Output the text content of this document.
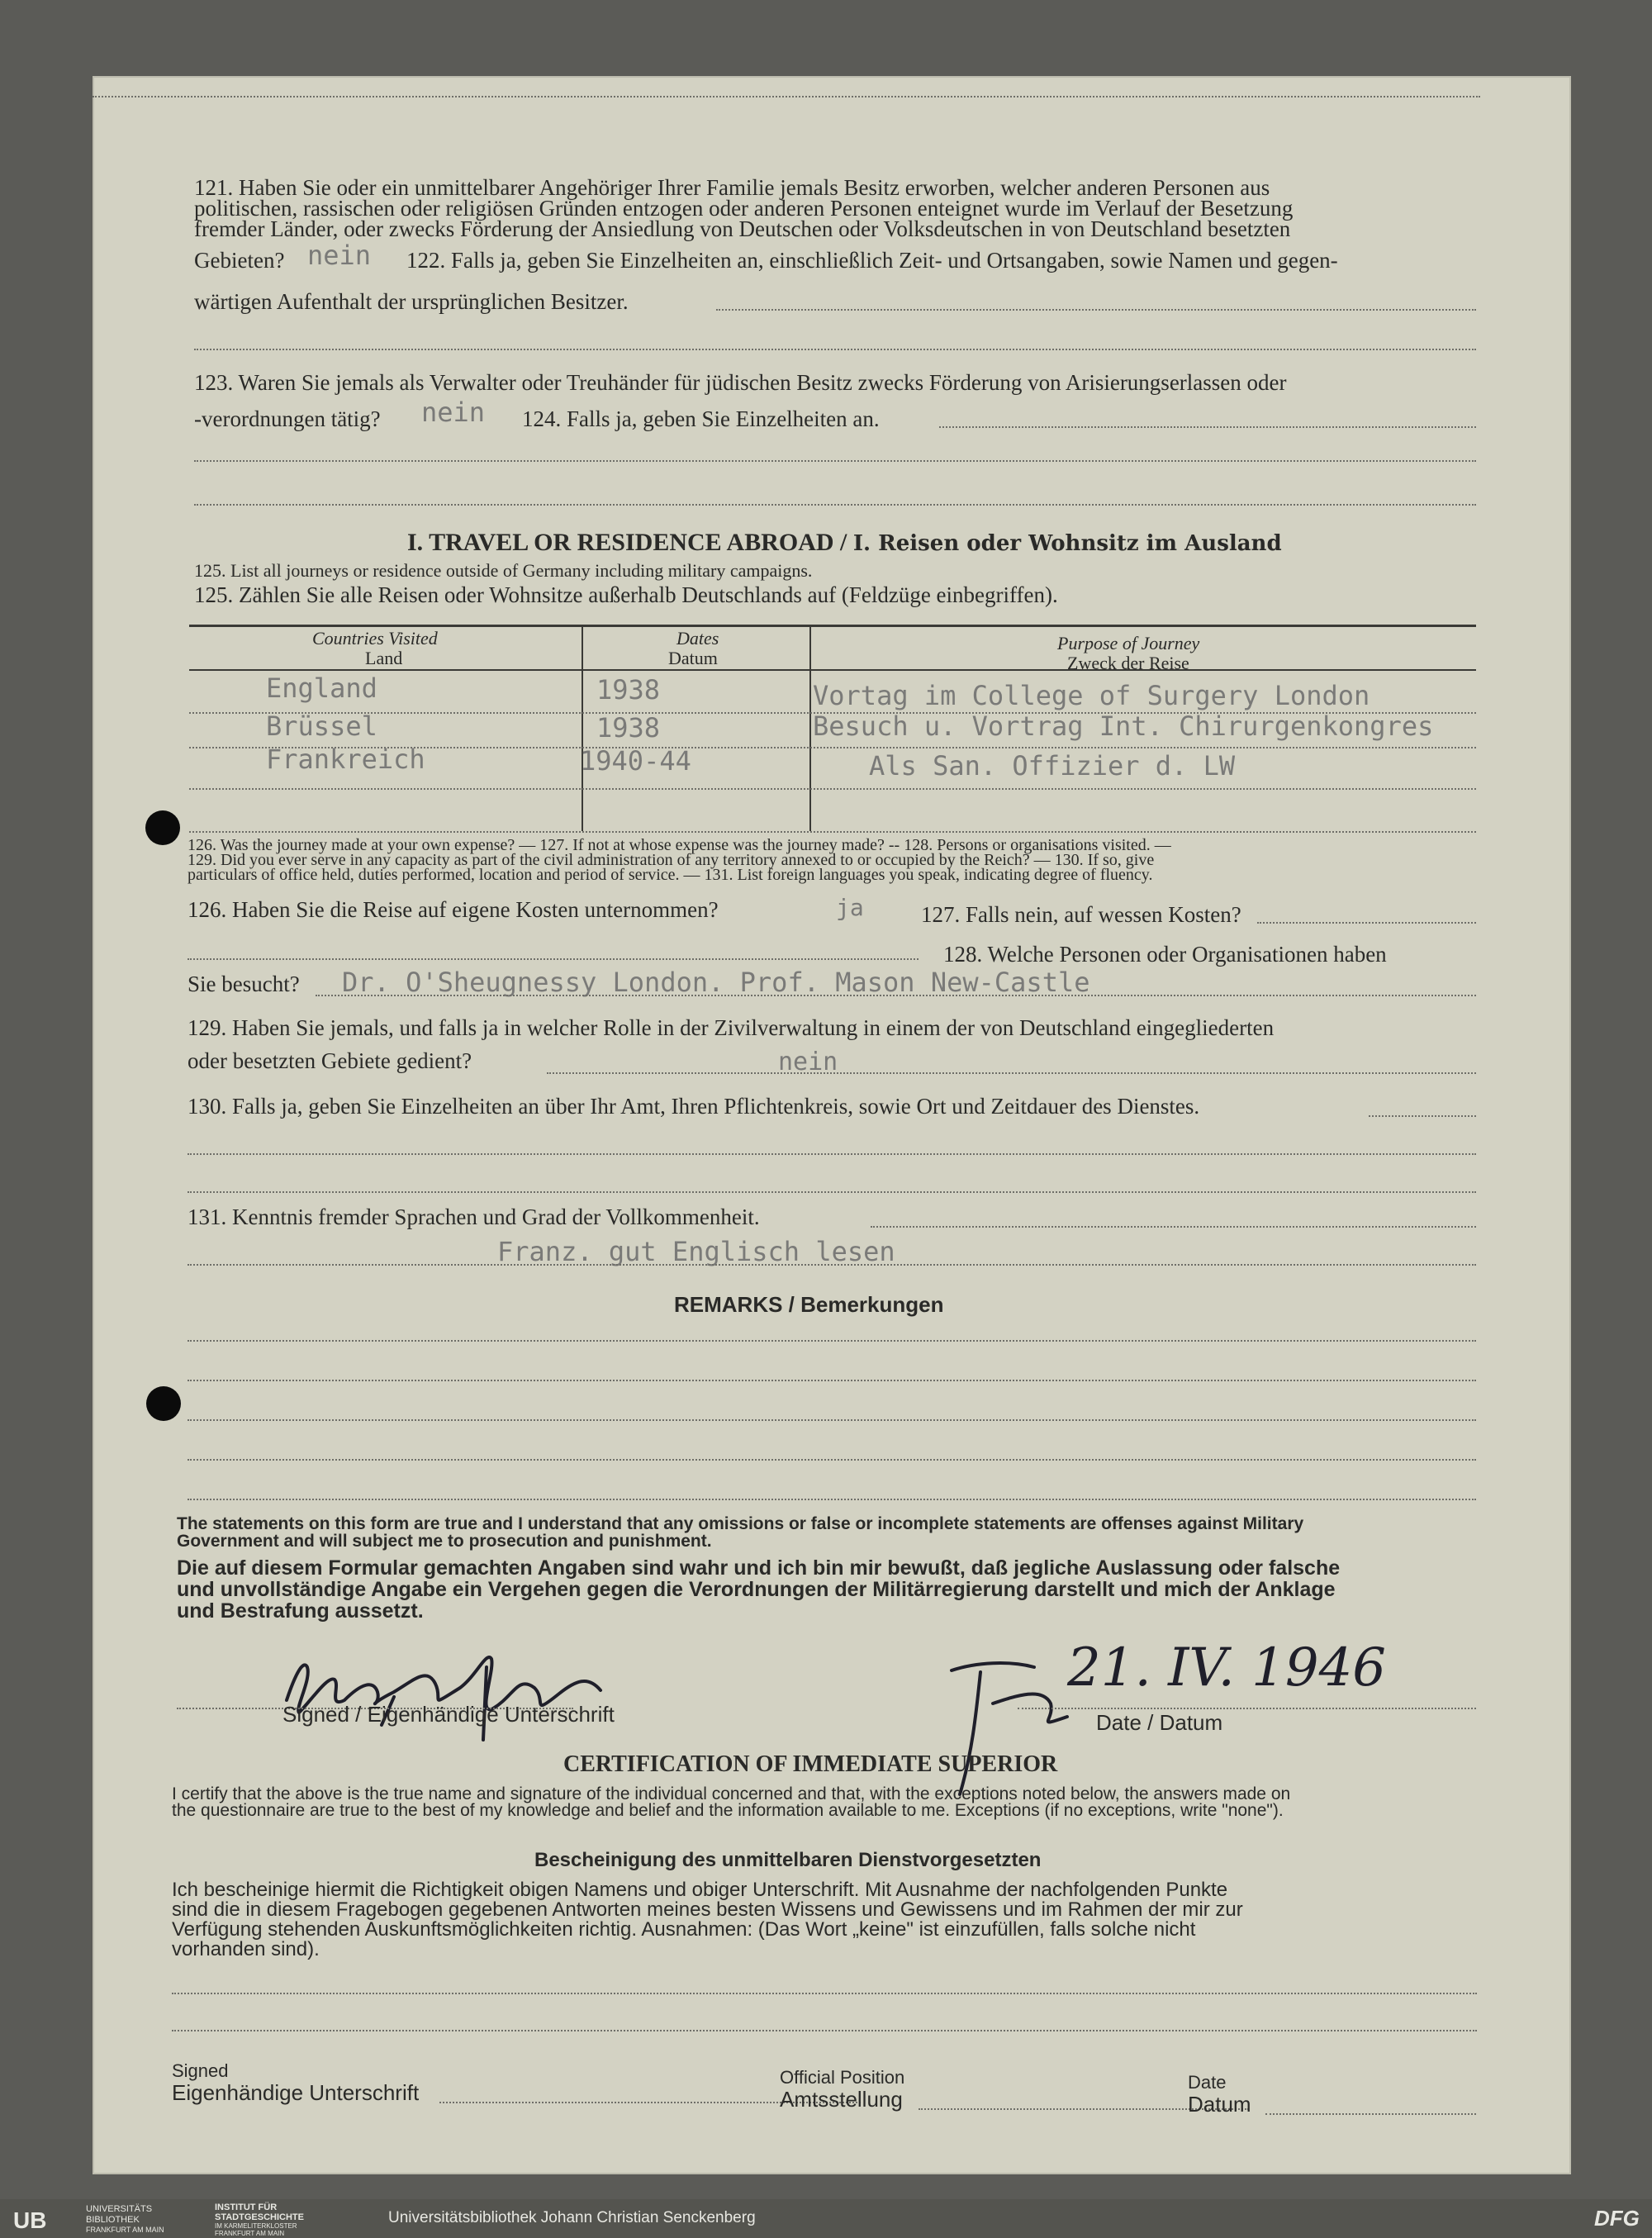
121. Haben Sie oder ein unmittelbarer Angehöriger Ihrer Familie jemals Besitz erworben, welcher anderen Personen aus
politischen, rassischen oder religiösen Gründen entzogen oder anderen Personen enteignet wurde im Verlauf der Besetzung
fremder Länder, oder zwecks Förderung der Ansiedlung von Deutschen oder Volksdeutschen in von Deutschland besetzten
Gebieten? nein 122. Falls ja, geben Sie Einzelheiten an, einschließlich Zeit- und Ortsangaben, sowie Namen und gegen-
wärtigen Aufenthalt der ursprünglichen Besitzer.
123. Waren Sie jemals als Verwalter oder Treuhänder für jüdischen Besitz zwecks Förderung von Arisierungserlassen oder
-verordnungen tätig? nein 124. Falls ja, geben Sie Einzelheiten an.
I. TRAVEL OR RESIDENCE ABROAD / I. Reisen oder Wohnsitz im Ausland
125. List all journeys or residence outside of Germany including military campaigns.
125. Zählen Sie alle Reisen oder Wohnsitze außerhalb Deutschlands auf (Feldzüge einbegriffen).
Countries Visited
Land
Dates
Datum
Purpose of Journey
Zweck der Reise
England	1938	Vortag im College of Surgery London
Brüssel	1938	Besuch u. Vortrag Int. Chirurgenkongres
Frankreich	1940-44	Als San. Offizier d. LW
126. Was the journey made at your own expense? — 127. If not at whose expense was the journey made? -- 128. Persons or organisations visited. —
129. Did you ever serve in any capacity as part of the civil administration of any territory annexed to or occupied by the Reich? — 130. If so, give
particulars of office held, duties performed, location and period of service. — 131. List foreign languages you speak, indicating degree of fluency.
126. Haben Sie die Reise auf eigene Kosten unternommen?	ja	127. Falls nein, auf wessen Kosten?
128. Welche Personen oder Organisationen haben
Sie besucht? Dr. O'Sheugnessy London. Prof. Mason New-Castle
129. Haben Sie jemals, und falls ja in welcher Rolle in der Zivilverwaltung in einem der von Deutschland eingegliederten
oder besetzten Gebiete gedient?	nein
130. Falls ja, geben Sie Einzelheiten an über Ihr Amt, Ihren Pflichtenkreis, sowie Ort und Zeitdauer des Dienstes.
131. Kenntnis fremder Sprachen und Grad der Vollkommenheit.
Franz. gut Englisch lesen
REMARKS / Bemerkungen
The statements on this form are true and I understand that any omissions or false or incomplete statements are offenses against Military
Government and will subject me to prosecution and punishment.
Die auf diesem Formular gemachten Angaben sind wahr und ich bin mir bewußt, daß jegliche Auslassung oder falsche
und unvollständige Angabe ein Vergehen gegen die Verordnungen der Militärregierung darstellt und mich der Anklage
und Bestrafung aussetzt.
Signed / Eigenhändige Unterschrift
21. IV. 1946
Date / Datum
CERTIFICATION OF IMMEDIATE SUPERIOR
I certify that the above is the true name and signature of the individual concerned and that, with the exceptions noted below, the answers made on
the questionnaire are true to the best of my knowledge and belief and the information available to me. Exceptions (if no exceptions, write "none").
Bescheinigung des unmittelbaren Dienstvorgesetzten
Ich bescheinige hiermit die Richtigkeit obigen Namens und obiger Unterschrift. Mit Ausnahme der nachfolgenden Punkte
sind die in diesem Fragebogen gegebenen Antworten meines besten Wissens und Gewissens und im Rahmen der mir zur
Verfügung stehenden Auskunftsmöglichkeiten richtig. Ausnahmen: (Das Wort „keine" ist einzufüllen, falls solche nicht
vorhanden sind).
Signed
Eigenhändige Unterschrift
Official Position
Amtsstellung
Date
Datum
UB	UNIVERSITÄTS
BIBLIOTHEK
FRANKFURT AM MAIN
INSTITUT FÜR
STADTGESCHICHTE
IM KARMELITERKLOSTER
FRANKFURT AM MAIN
Universitätsbibliothek Johann Christian Senckenberg	DFG
